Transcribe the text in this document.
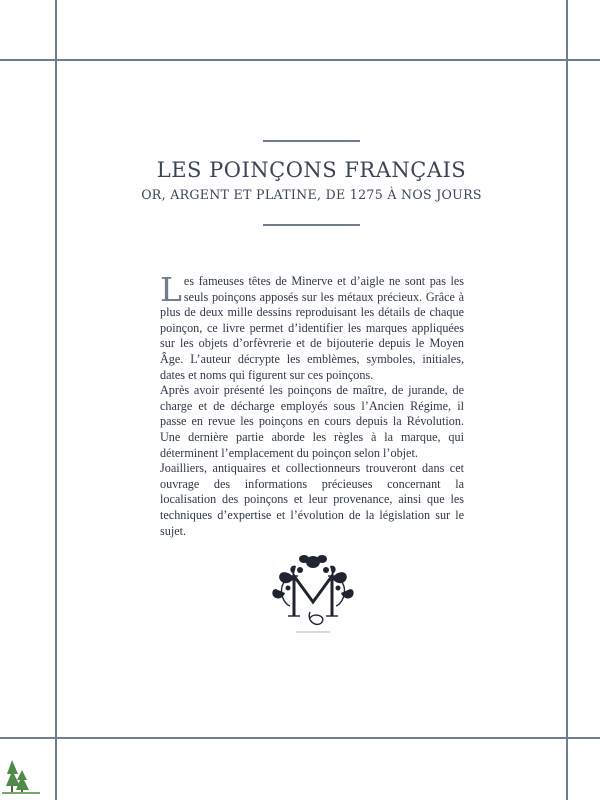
LES POINÇONS FRANÇAIS
OR, ARGENT ET PLATINE, DE 1275 À NOS JOURS

Les fameuses têtes de Minerve et d’aigle ne sont pas les seuls poinçons apposés sur les métaux précieux. Grâce à plus de deux mille dessins reproduisant les détails de chaque poinçon, ce livre permet d’identifier les marques appliquées sur les objets d’orfèvrerie et de bijouterie depuis le Moyen Âge. L’auteur décrypte les emblèmes, symboles, initiales, dates et noms qui figurent sur ces poinçons.

Après avoir présenté les poinçons de maître, de jurande, de charge et de décharge employés sous l’Ancien Régime, il passe en revue les poinçons en cours depuis la Révolution. Une dernière partie aborde les règles à la marque, qui déterminent l’emplacement du poinçon selon l’objet.

Joailliers, antiquaires et collectionneurs trouveront dans cet ouvrage des informations précieuses concernant la localisation des poinçons et leur provenance, ainsi que les techniques d’expertise et l’évolution de la législation sur le sujet.
